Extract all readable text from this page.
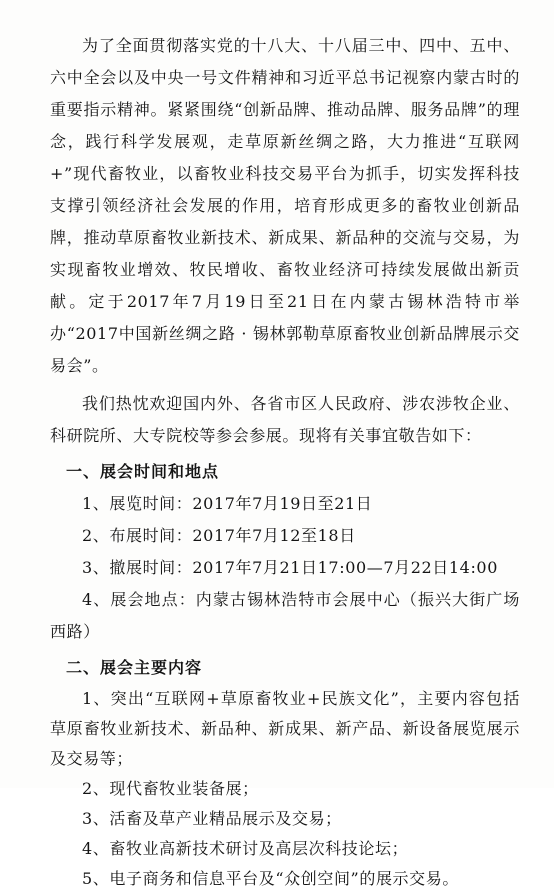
为了全面贯彻落实党的十八大、十八届三中、四中、五中、六中全会以及中央一号文件精神和习近平总书记视察内蒙古时的重要指示精神。紧紧围绕“创新品牌、推动品牌、服务品牌”的理念，践行科学发展观，走草原新丝绸之路，大力推进“互联网+”现代畜牧业，以畜牧业科技交易平台为抓手，切实发挥科技支撑引领经济社会发展的作用，培育形成更多的畜牧业创新品牌，推动草原畜牧业新技术、新成果、新品种的交流与交易，为实现畜牧业增效、牧民增收、畜牧业经济可持续发展做出新贡献。定于2017年7月19日至21日在内蒙古锡林浩特市举办“2017中国新丝绸之路 · 锡林郭勒草原畜牧业创新品牌展示交易会”。

我们热忱欢迎国内外、各省市区人民政府、涉农涉牧企业、科研院所、大专院校等参会参展。现将有关事宜敬告如下：

一、展会时间和地点

1、展览时间：2017年7月19日至21日

2、布展时间：2017年7月12至18日

3、撤展时间：2017年7月21日17:00—7月22日14:00

4、展会地点：内蒙古锡林浩特市会展中心（振兴大街广场西路）

二、展会主要内容

1、突出“互联网+草原畜牧业+民族文化”，主要内容包括草原畜牧业新技术、新品种、新成果、新产品、新设备展览展示及交易等；

2、现代畜牧业装备展；

3、活畜及草产业精品展示及交易；

4、畜牧业高新技术研讨及高层次科技论坛；

5、电子商务和信息平台及“众创空间”的展示交易。
